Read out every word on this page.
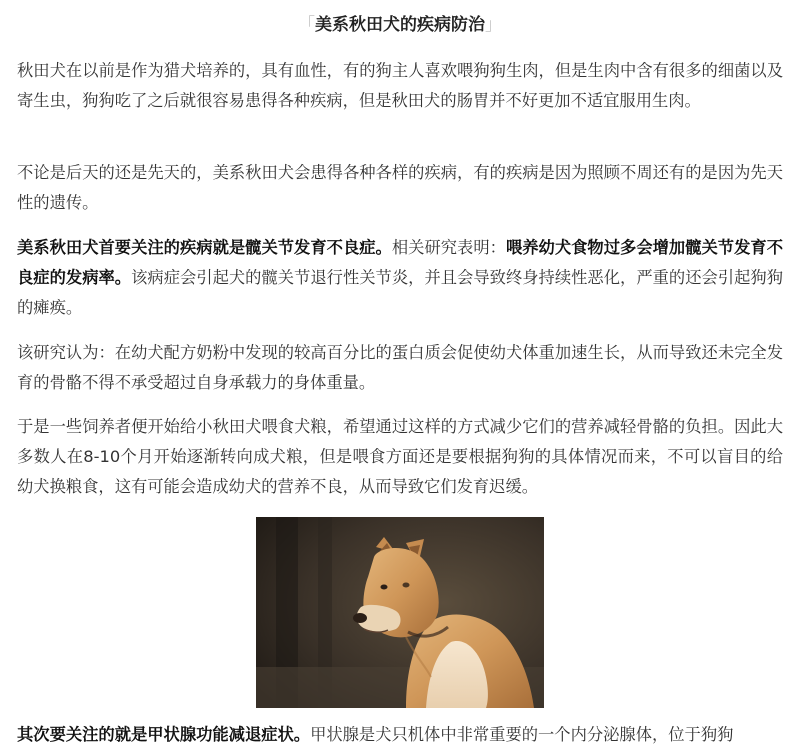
「美系秋田犬的疾病防治」

秋田犬在以前是作为猎犬培养的，具有血性，有的狗主人喜欢喂狗狗生肉，但是生肉中含有很多的细菌以及寄生虫，狗狗吃了之后就很容易患得各种疾病，但是秋田犬的肠胃并不好更加不适宜服用生肉。

不论是后天的还是先天的，美系秋田犬会患得各种各样的疾病，有的疾病是因为照顾不周还有的是因为先天性的遗传。

美系秋田犬首要关注的疾病就是髋关节发育不良症。相关研究表明：喂养幼犬食物过多会增加髋关节发育不良症的发病率。该病症会引起犬的髋关节退行性关节炎，并且会导致终身持续性恶化，严重的还会引起狗狗的瘫痪。

该研究认为：在幼犬配方奶粉中发现的较高百分比的蛋白质会促使幼犬体重加速生长，从而导致还未完全发育的骨骼不得不承受超过自身承载力的身体重量。

于是一些饲养者便开始给小秋田犬喂食犬粮，希望通过这样的方式减少它们的营养减轻骨骼的负担。因此大多数人在8-10个月开始逐渐转向成犬粮，但是喂食方面还是要根据狗狗的具体情况而来，不可以盲目的给幼犬换粮食，这有可能会造成幼犬的营养不良，从而导致它们发育迟缓。

其次要关注的就是甲状腺功能减退症状。甲状腺是犬只机体中非常重要的一个内分泌腺体，位于狗狗
